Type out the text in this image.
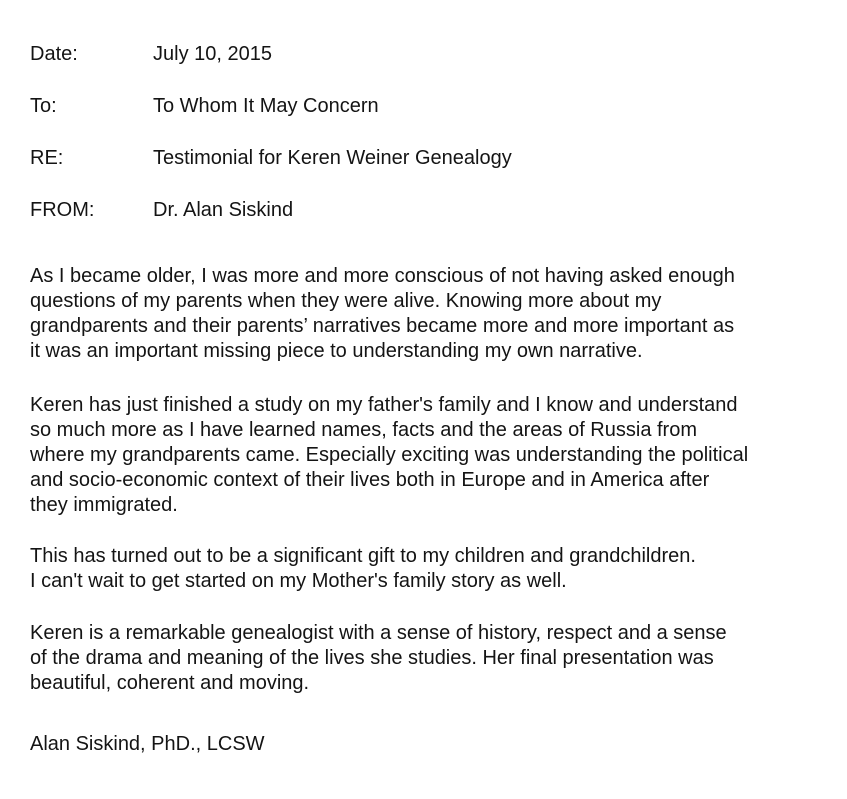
Date:	July 10, 2015
To:	To Whom It May Concern
RE:	Testimonial for Keren Weiner Genealogy
FROM:	Dr. Alan Siskind

As I became older, I was more and more conscious of not having asked enough
questions of my parents when they were alive. Knowing more about my
grandparents and their parents’ narratives became more and more important as
it was an important missing piece to understanding my own narrative.

Keren has just finished a study on my father's family and I know and understand
so much more as I have learned names, facts and the areas of Russia from
where my grandparents came. Especially exciting was understanding the political
and socio-economic context of their lives both in Europe and in America after
they immigrated.

This has turned out to be a significant gift to my children and grandchildren.
I can't wait to get started on my Mother's family story as well.

Keren is a remarkable genealogist with a sense of history, respect and a sense
of the drama and meaning of the lives she studies. Her final presentation was
beautiful, coherent and moving.

Alan Siskind, PhD., LCSW
